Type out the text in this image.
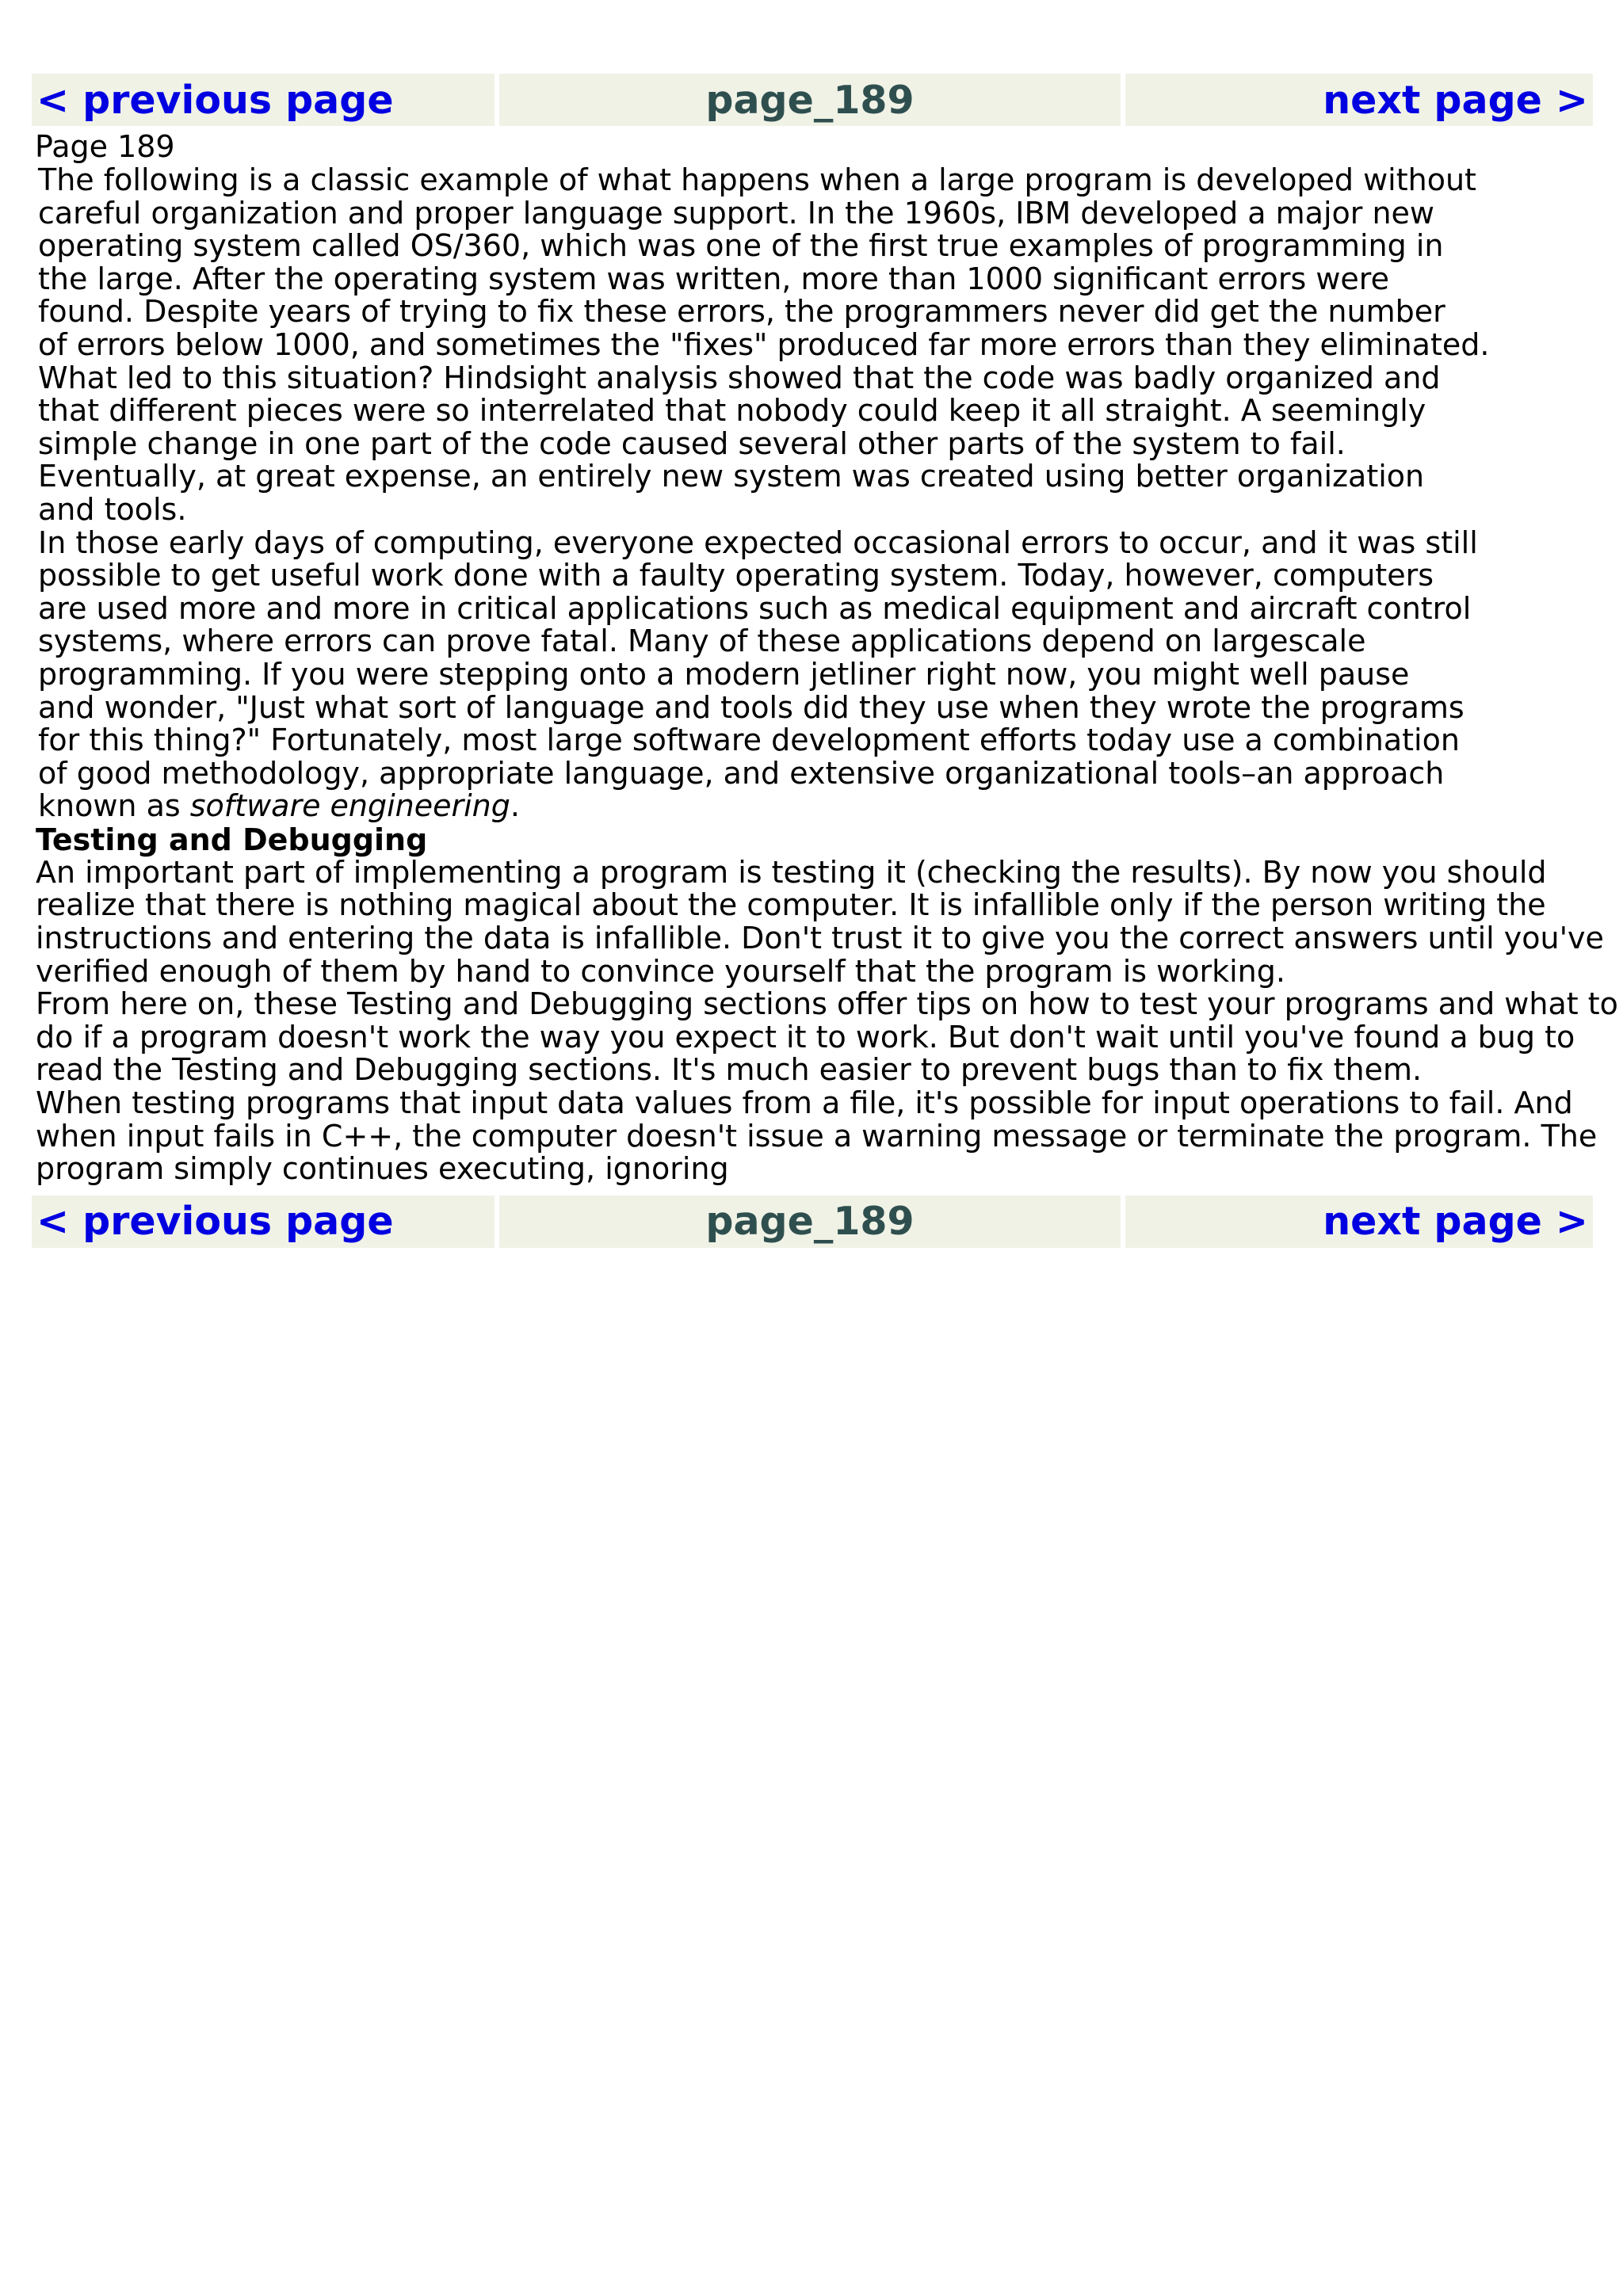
< previous page	page_189	next page >
Page 189
The following is a classic example of what happens when a large program is developed without
careful organization and proper language support. In the 1960s, IBM developed a major new
operating system called OS/360, which was one of the first true examples of programming in
the large. After the operating system was written, more than 1000 significant errors were
found. Despite years of trying to fix these errors, the programmers never did get the number
of errors below 1000, and sometimes the "fixes" produced far more errors than they eliminated.
What led to this situation? Hindsight analysis showed that the code was badly organized and
that different pieces were so interrelated that nobody could keep it all straight. A seemingly
simple change in one part of the code caused several other parts of the system to fail.
Eventually, at great expense, an entirely new system was created using better organization
and tools.
In those early days of computing, everyone expected occasional errors to occur, and it was still
possible to get useful work done with a faulty operating system. Today, however, computers
are used more and more in critical applications such as medical equipment and aircraft control
systems, where errors can prove fatal. Many of these applications depend on largescale
programming. If you were stepping onto a modern jetliner right now, you might well pause
and wonder, "Just what sort of language and tools did they use when they wrote the programs
for this thing?" Fortunately, most large software development efforts today use a combination
of good methodology, appropriate language, and extensive organizational tools–an approach
known as software engineering.
Testing and Debugging
An important part of implementing a program is testing it (checking the results). By now you should
realize that there is nothing magical about the computer. It is infallible only if the person writing the
instructions and entering the data is infallible. Don't trust it to give you the correct answers until you've
verified enough of them by hand to convince yourself that the program is working.
From here on, these Testing and Debugging sections offer tips on how to test your programs and what to
do if a program doesn't work the way you expect it to work. But don't wait until you've found a bug to
read the Testing and Debugging sections. It's much easier to prevent bugs than to fix them.
When testing programs that input data values from a file, it's possible for input operations to fail. And
when input fails in C++, the computer doesn't issue a warning message or terminate the program. The
program simply continues executing, ignoring
< previous page	page_189	next page >
